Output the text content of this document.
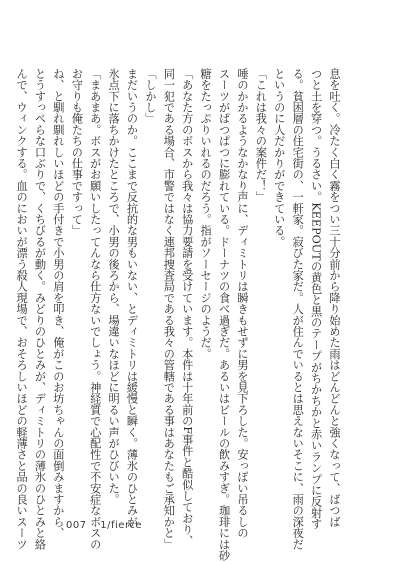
息を吐く。冷たく白く霧をつい三十分前から降り始めた雨はどんどんと強くなって、ばつば

つと土を穿つ。うるさい。KEEPOUTの黄色と黒のテープがちかちかと赤いランプに反射す

る。貧困層の住宅街の、一軒家。寂びた家だ。人が住んでいるとは思えないそこに、雨の深夜だ

というのに人だかりができている。

「これは我々の案件だ！」

唾のかかるようなかなり声に、ディミトリは瞬きもせずに男を見下ろした。安っぽい吊るしの

スーツがぱつぱつに膨れている。ドーナツの食べ過ぎだ。あるいはビールの飲みすぎ。珈琲には砂

糖をたっぷりいれるのだろう。指がソーセージのようだ。

「あなた方のボスから我々は協力要請を受けています。本件は十年前のF事件と酷似しており、

同一犯である場合、市警ではなく連邦捜査局である我々の管轄である事はあなたもご承知かと」

「しかし」

まだいうのか。ここまで反抗的な男もいない、とディミトリは緩慢と瞬く。薄氷のひとみが

氷点下に落ちかけたところで、小男の後ろから、場違いなほどに明るい声がひびいた。

「まあまあ。ボスがお願いしたってんなら仕方ないでしょう。神経質で心配性で不安症なボスの

お守りも俺たちの仕事ですって」

ね、と馴れ馴れしいほどの手付きで小男の肩を叩き、俺がこのお坊ちゃんの面倒みますから、

とうすっぺらな口ぶりで、くちびるが動く。みどりのひとみが、ディミトリの薄氷のひとみと絡

んで、ウィンクする。血のにおいが漂う殺人現場で、おそろしいほどの軽薄さと品の良いスーツ	007 1/fierce
